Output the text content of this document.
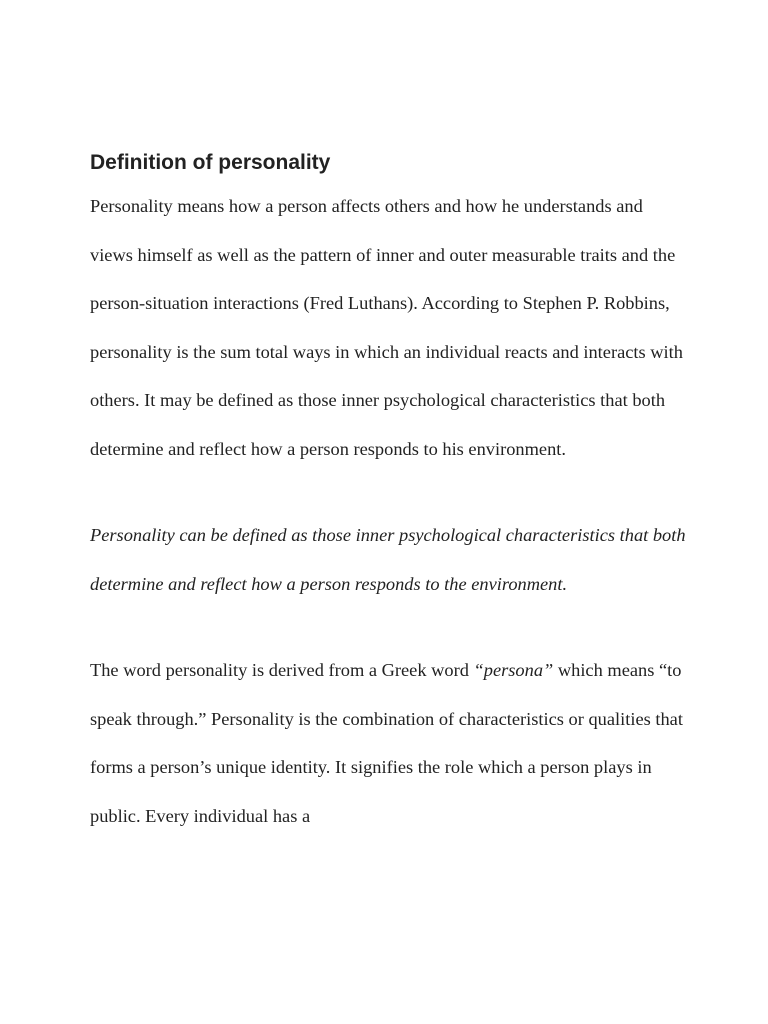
Definition of personality

Personality means how a person affects others and how he understands and views himself as well as the pattern of inner and outer measurable traits and the person-situation interactions (Fred Luthans). According to Stephen P. Robbins, personality is the sum total ways in which an individual reacts and interacts with others. It may be defined as those inner psychological characteristics that both determine and reflect how a person responds to his environment.

Personality can be defined as those inner psychological characteristics that both determine and reflect how a person responds to the environment.

The word personality is derived from a Greek word “persona” which means “to speak through.” Personality is the combination of characteristics or qualities that forms a person’s unique identity. It signifies the role which a person plays in public. Every individual has a
